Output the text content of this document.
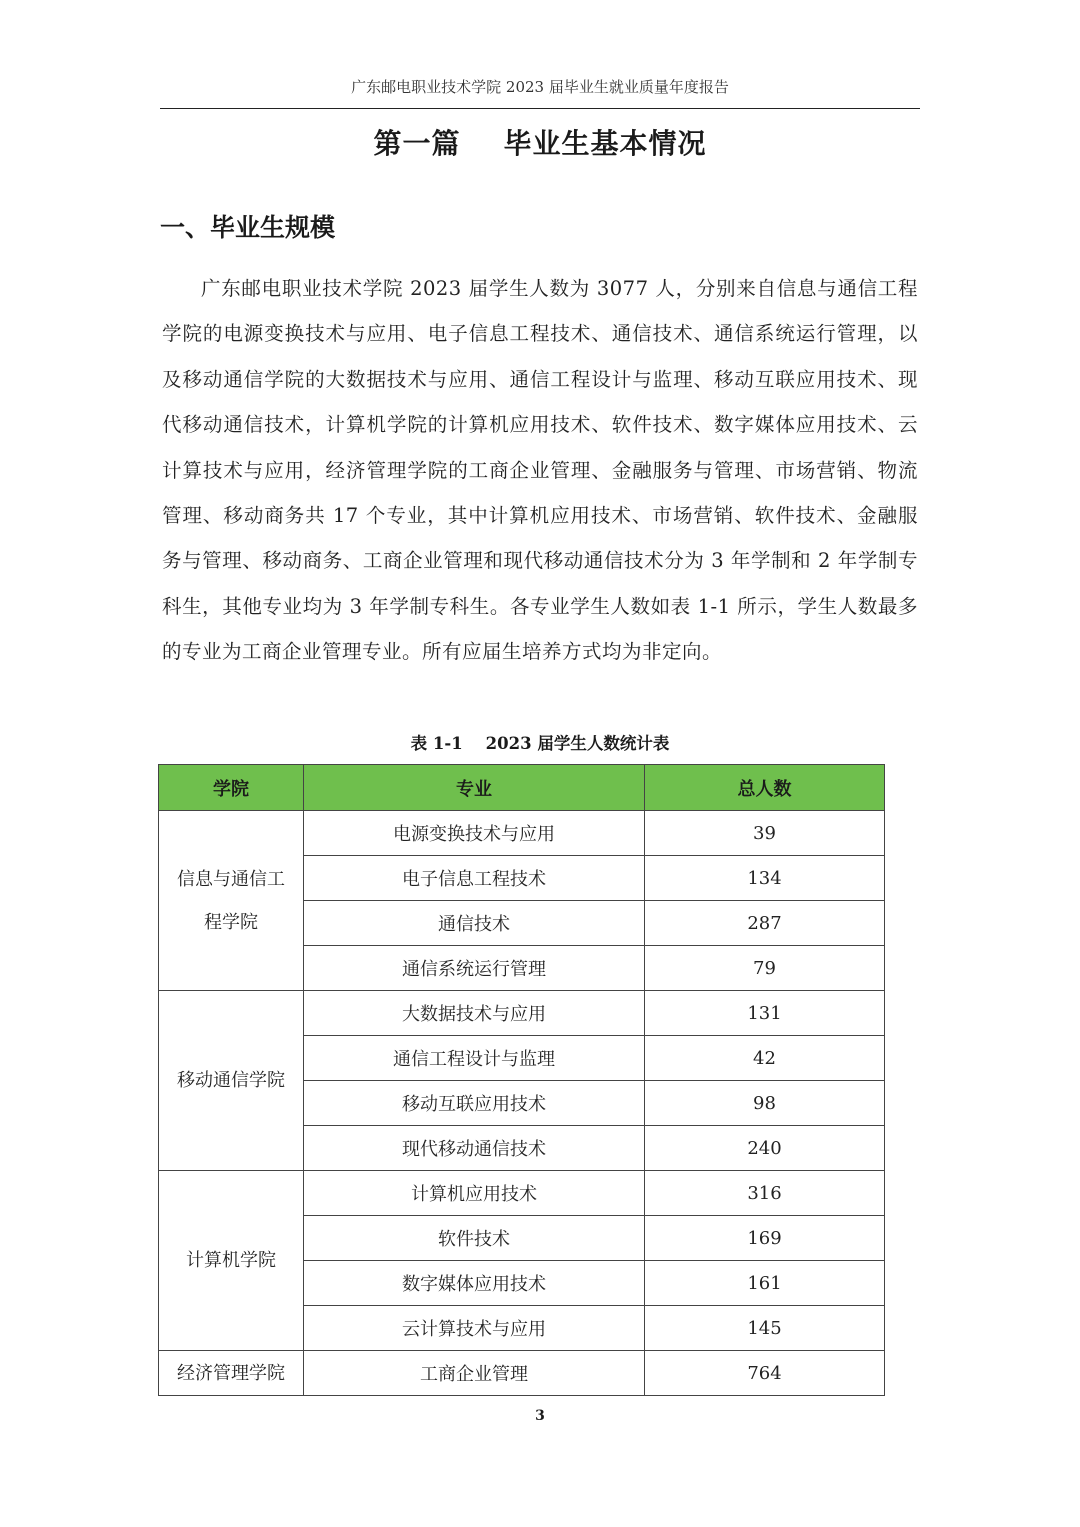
广东邮电职业技术学院 2023 届毕业生就业质量年度报告
第一篇    毕业生基本情况
一、毕业生规模

广东邮电职业技术学院 2023 届学生人数为 3077 人，分别来自信息与通信工程学院的电源变换技术与应用、电子信息工程技术、通信技术、通信系统运行管理，以及移动通信学院的大数据技术与应用、通信工程设计与监理、移动互联应用技术、现代移动通信技术，计算机学院的计算机应用技术、软件技术、数字媒体应用技术、云计算技术与应用，经济管理学院的工商企业管理、金融服务与管理、市场营销、物流管理、移动商务共 17 个专业，其中计算机应用技术、市场营销、软件技术、金融服务与管理、移动商务、工商企业管理和现代移动通信技术分为 3 年学制和 2 年学制专科生，其他专业均为 3 年学制专科生。各专业学生人数如表 1-1 所示，学生人数最多的专业为工商企业管理专业。所有应届生培养方式均为非定向。

表 1-1    2023 届学生人数统计表
学院	专业	总人数
信息与通信工程学院	电源变换技术与应用	39
	电子信息工程技术	134
	通信技术	287
	通信系统运行管理	79
移动通信学院	大数据技术与应用	131
	通信工程设计与监理	42
	移动互联应用技术	98
	现代移动通信技术	240
计算机学院	计算机应用技术	316
	软件技术	169
	数字媒体应用技术	161
	云计算技术与应用	145
经济管理学院	工商企业管理	764
3
